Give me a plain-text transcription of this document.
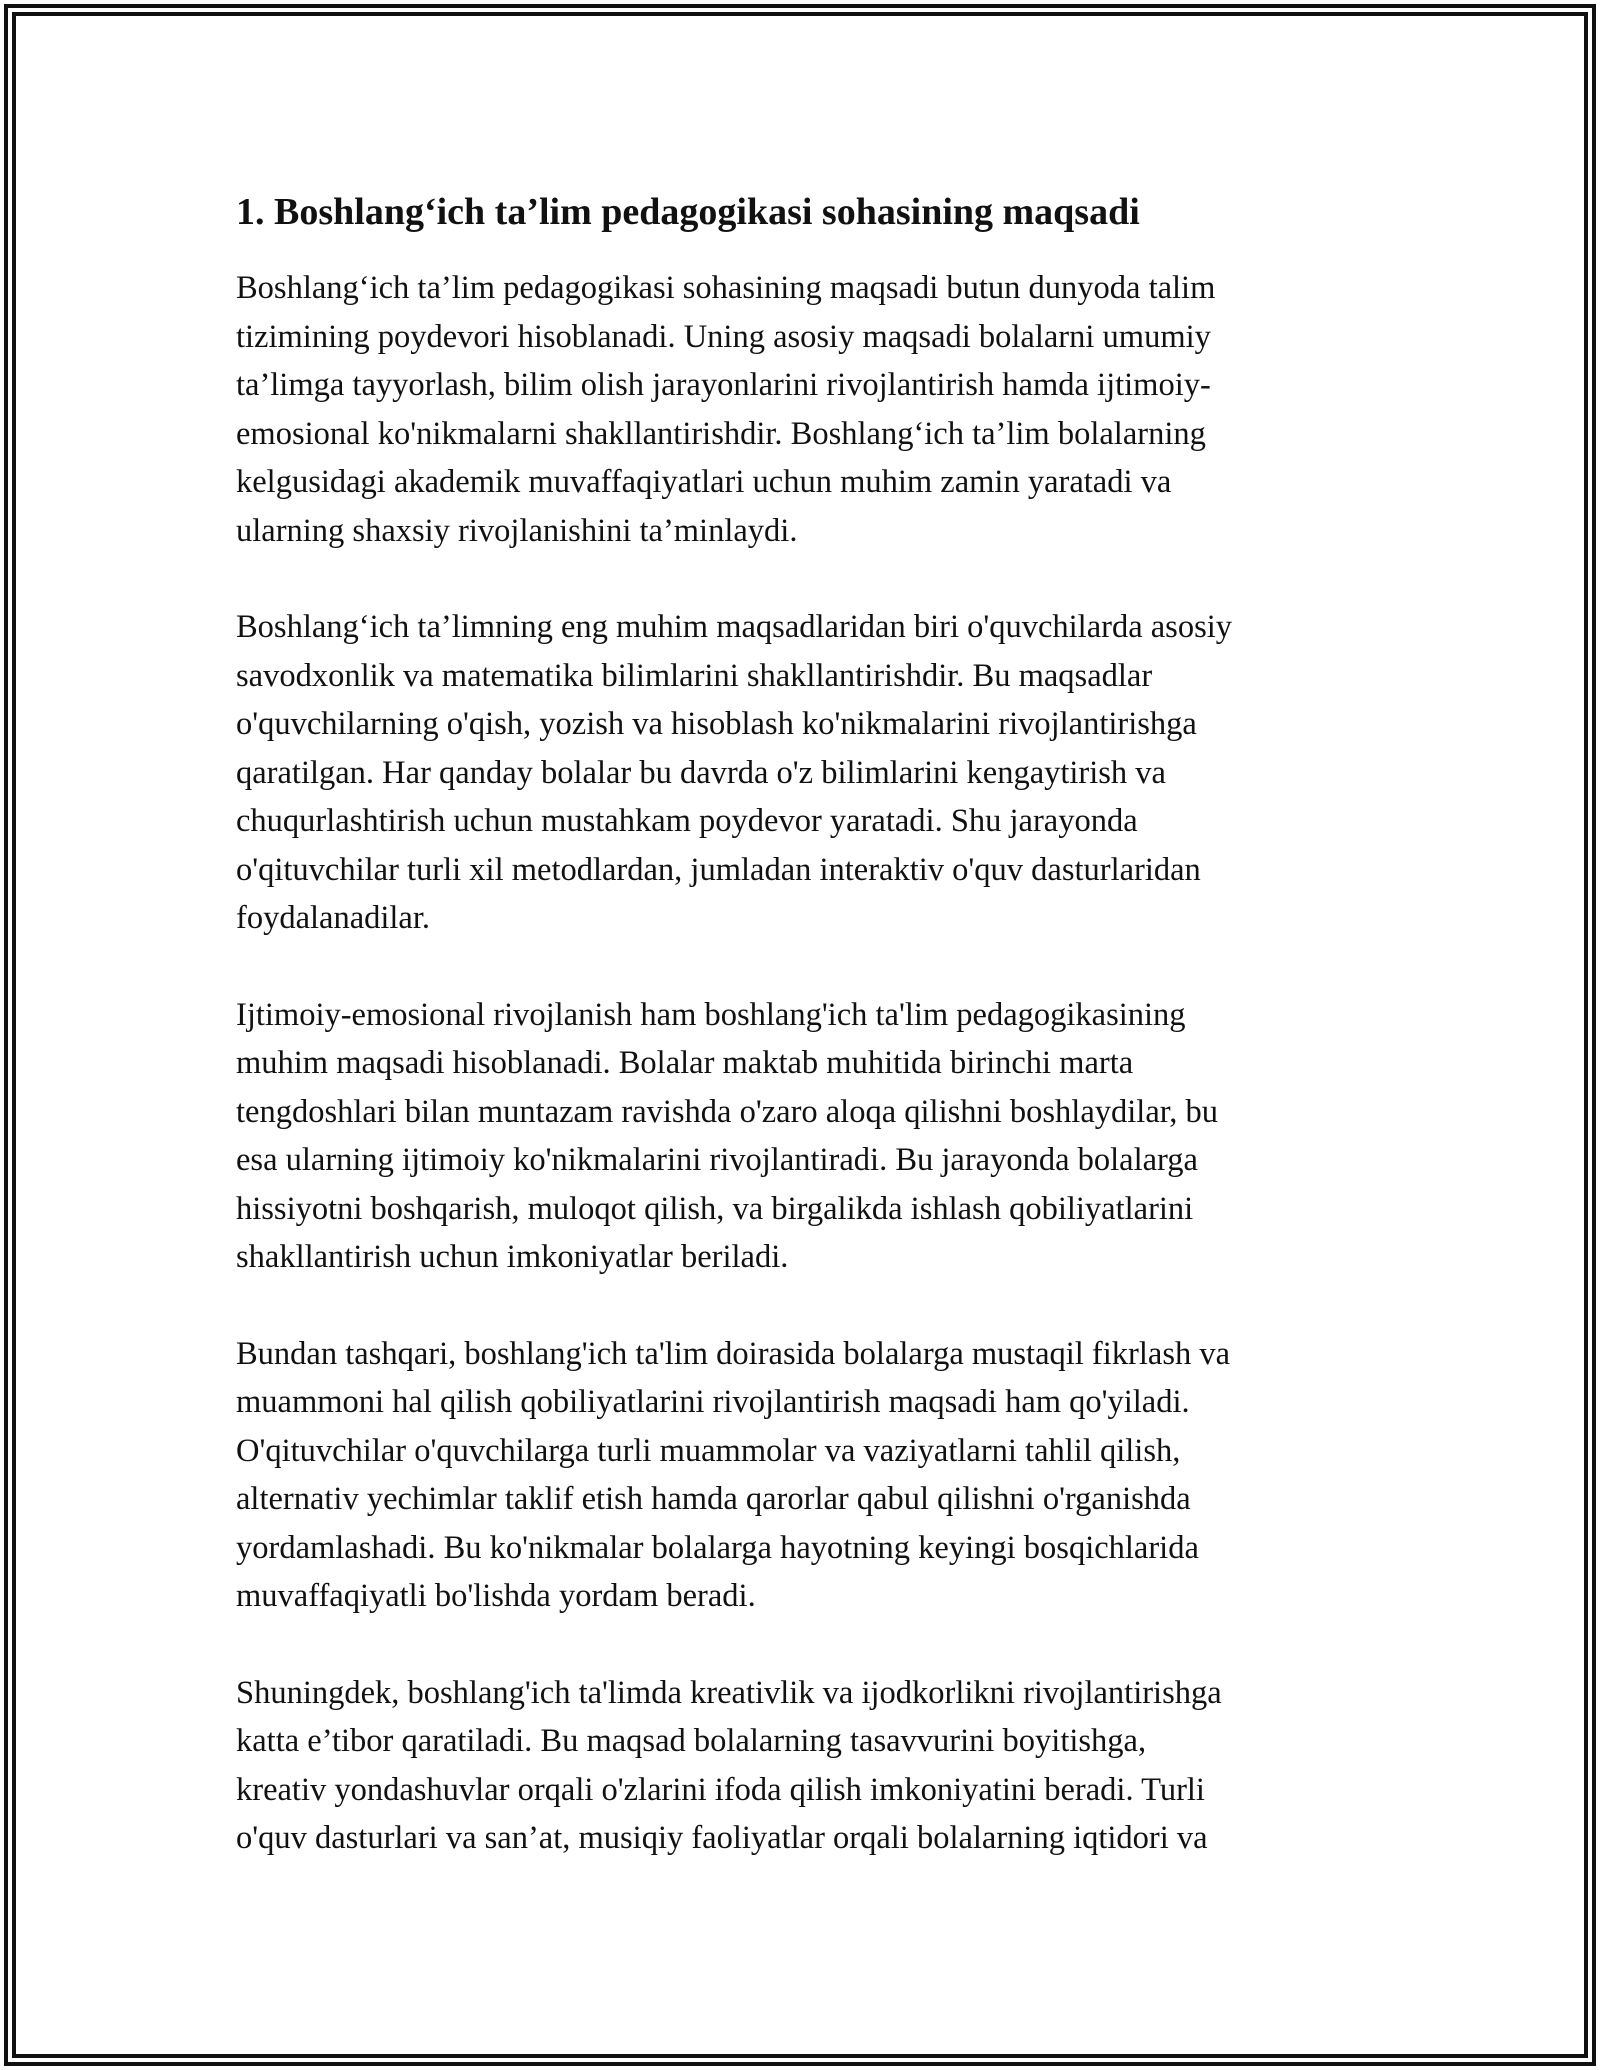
1. Boshlang‘ich ta’lim pedagogikasi sohasining maqsadi

Boshlang‘ich ta’lim pedagogikasi sohasining maqsadi butun dunyoda talim
tizimining poydevori hisoblanadi. Uning asosiy maqsadi bolalarni umumiy
ta’limga tayyorlash, bilim olish jarayonlarini rivojlantirish hamda ijtimoiy-
emosional ko'nikmalarni shakllantirishdir. Boshlang‘ich ta’lim bolalarning
kelgusidagi akademik muvaffaqiyatlari uchun muhim zamin yaratadi va
ularning shaxsiy rivojlanishini ta’minlaydi.

Boshlang‘ich ta’limning eng muhim maqsadlaridan biri o'quvchilarda asosiy
savodxonlik va matematika bilimlarini shakllantirishdir. Bu maqsadlar
o'quvchilarning o'qish, yozish va hisoblash ko'nikmalarini rivojlantirishga
qaratilgan. Har qanday bolalar bu davrda o'z bilimlarini kengaytirish va
chuqurlashtirish uchun mustahkam poydevor yaratadi. Shu jarayonda
o'qituvchilar turli xil metodlardan, jumladan interaktiv o'quv dasturlaridan
foydalanadilar.

Ijtimoiy-emosional rivojlanish ham boshlang'ich ta'lim pedagogikasining
muhim maqsadi hisoblanadi. Bolalar maktab muhitida birinchi marta
tengdoshlari bilan muntazam ravishda o'zaro aloqa qilishni boshlaydilar, bu
esa ularning ijtimoiy ko'nikmalarini rivojlantiradi. Bu jarayonda bolalarga
hissiyotni boshqarish, muloqot qilish, va birgalikda ishlash qobiliyatlarini
shakllantirish uchun imkoniyatlar beriladi.

Bundan tashqari, boshlang'ich ta'lim doirasida bolalarga mustaqil fikrlash va
muammoni hal qilish qobiliyatlarini rivojlantirish maqsadi ham qo'yiladi.
O'qituvchilar o'quvchilarga turli muammolar va vaziyatlarni tahlil qilish,
alternativ yechimlar taklif etish hamda qarorlar qabul qilishni o'rganishda
yordamlashadi. Bu ko'nikmalar bolalarga hayotning keyingi bosqichlarida
muvaffaqiyatli bo'lishda yordam beradi.

Shuningdek, boshlang'ich ta'limda kreativlik va ijodkorlikni rivojlantirishga
katta e’tibor qaratiladi. Bu maqsad bolalarning tasavvurini boyitishga,
kreativ yondashuvlar orqali o'zlarini ifoda qilish imkoniyatini beradi. Turli
o'quv dasturlari va san’at, musiqiy faoliyatlar orqali bolalarning iqtidori va
